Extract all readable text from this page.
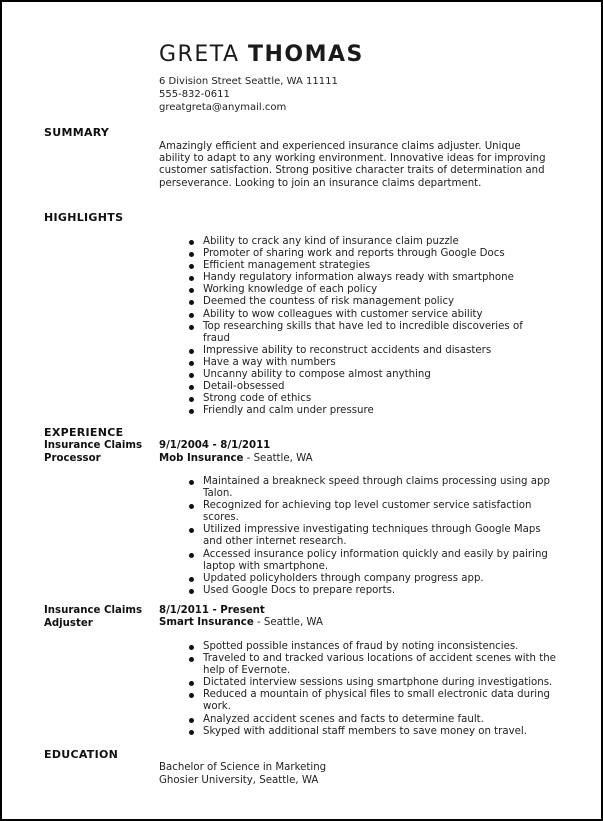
GRETA THOMAS
6 Division Street Seattle, WA 11111
555-832-0611
greatgreta@anymail.com
SUMMARY
Amazingly efficient and experienced insurance claims adjuster. Unique ability to adapt to any working environment. Innovative ideas for improving customer satisfaction. Strong positive character traits of determination and perseverance. Looking to join an insurance claims department.
HIGHLIGHTS
Ability to crack any kind of insurance claim puzzle
Promoter of sharing work and reports through Google Docs
Efficient management strategies
Handy regulatory information always ready with smartphone
Working knowledge of each policy
Deemed the countess of risk management policy
Ability to wow colleagues with customer service ability
Top researching skills that have led to incredible discoveries of fraud
Impressive ability to reconstruct accidents and disasters
Have a way with numbers
Uncanny ability to compose almost anything
Detail-obsessed
Strong code of ethics
Friendly and calm under pressure
EXPERIENCE
Insurance Claims Processor
9/1/2004 - 8/1/2011
Mob Insurance - Seattle, WA
Maintained a breakneck speed through claims processing using app Talon.
Recognized for achieving top level customer service satisfaction scores.
Utilized impressive investigating techniques through Google Maps and other internet research.
Accessed insurance policy information quickly and easily by pairing laptop with smartphone.
Updated policyholders through company progress app.
Used Google Docs to prepare reports.
Insurance Claims Adjuster
8/1/2011 - Present
Smart Insurance - Seattle, WA
Spotted possible instances of fraud by noting inconsistencies.
Traveled to and tracked various locations of accident scenes with the help of Evernote.
Dictated interview sessions using smartphone during investigations.
Reduced a mountain of physical files to small electronic data during work.
Analyzed accident scenes and facts to determine fault.
Skyped with additional staff members to save money on travel.
EDUCATION
Bachelor of Science in Marketing
Ghosier University, Seattle, WA
